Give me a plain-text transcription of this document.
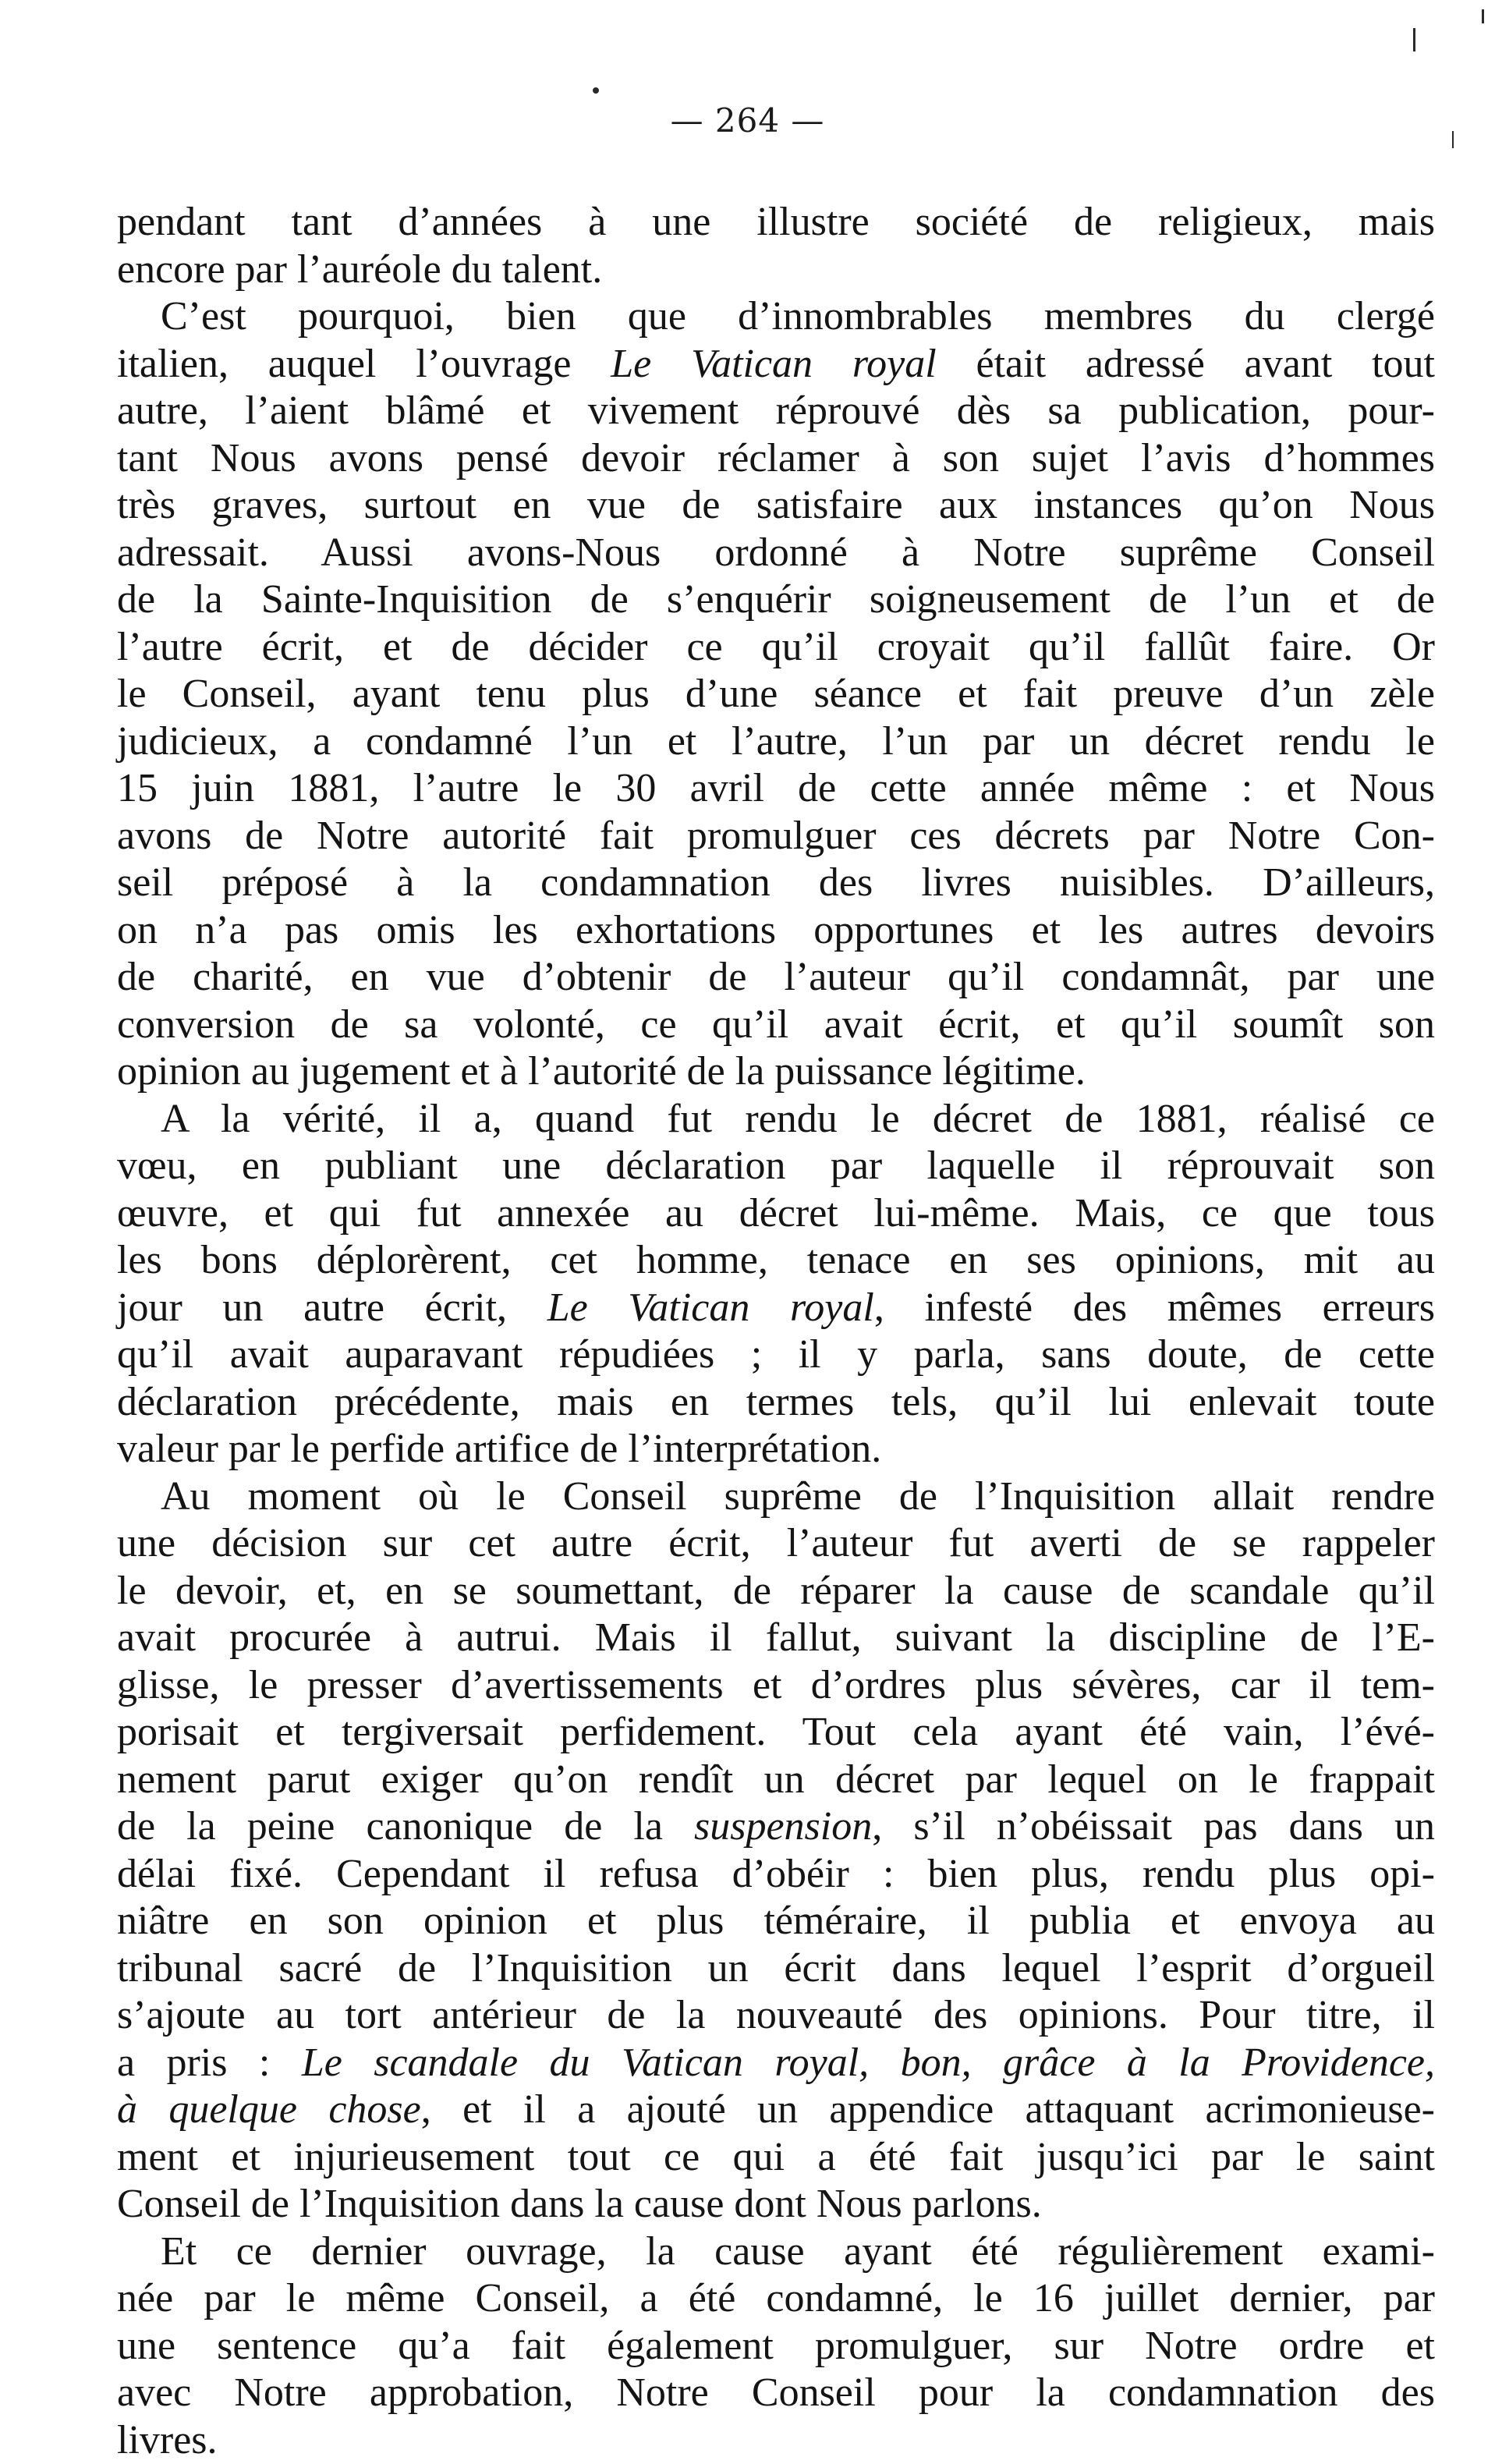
— 264 —
pendant tant d’années à une illustre société de religieux, mais
encore par l’auréole du talent.
C’est pourquoi, bien que d’innombrables membres du clergé
italien, auquel l’ouvrage Le Vatican royal était adressé avant tout
autre, l’aient blâmé et vivement réprouvé dès sa publication, pour-
tant Nous avons pensé devoir réclamer à son sujet l’avis d’hommes
très graves, surtout en vue de satisfaire aux instances qu’on Nous
adressait. Aussi avons-Nous ordonné à Notre suprême Conseil
de la Sainte-Inquisition de s’enquérir soigneusement de l’un et de
l’autre écrit, et de décider ce qu’il croyait qu’il fallût faire. Or
le Conseil, ayant tenu plus d’une séance et fait preuve d’un zèle
judicieux, a condamné l’un et l’autre, l’un par un décret rendu le
15 juin 1881, l’autre le 30 avril de cette année même : et Nous
avons de Notre autorité fait promulguer ces décrets par Notre Con-
seil préposé à la condamnation des livres nuisibles. D’ailleurs,
on n’a pas omis les exhortations opportunes et les autres devoirs
de charité, en vue d’obtenir de l’auteur qu’il condamnât, par une
conversion de sa volonté, ce qu’il avait écrit, et qu’il soumît son
opinion au jugement et à l’autorité de la puissance légitime.
A la vérité, il a, quand fut rendu le décret de 1881, réalisé ce
vœu, en publiant une déclaration par laquelle il réprouvait son
œuvre, et qui fut annexée au décret lui-même. Mais, ce que tous
les bons déplorèrent, cet homme, tenace en ses opinions, mit au
jour un autre écrit, Le Vatican royal, infesté des mêmes erreurs
qu’il avait auparavant répudiées ; il y parla, sans doute, de cette
déclaration précédente, mais en termes tels, qu’il lui enlevait toute
valeur par le perfide artifice de l’interprétation.
Au moment où le Conseil suprême de l’Inquisition allait rendre
une décision sur cet autre écrit, l’auteur fut averti de se rappeler
le devoir, et, en se soumettant, de réparer la cause de scandale qu’il
avait procurée à autrui. Mais il fallut, suivant la discipline de l’E-
glisse, le presser d’avertissements et d’ordres plus sévères, car il tem-
porisait et tergiversait perfidement. Tout cela ayant été vain, l’évé-
nement parut exiger qu’on rendît un décret par lequel on le frappait
de la peine canonique de la suspension, s’il n’obéissait pas dans un
délai fixé. Cependant il refusa d’obéir : bien plus, rendu plus opi-
niâtre en son opinion et plus téméraire, il publia et envoya au
tribunal sacré de l’Inquisition un écrit dans lequel l’esprit d’orgueil
s’ajoute au tort antérieur de la nouveauté des opinions. Pour titre, il
a pris : Le scandale du Vatican royal, bon, grâce à la Providence,
à quelque chose, et il a ajouté un appendice attaquant acrimonieuse-
ment et injurieusement tout ce qui a été fait jusqu’ici par le saint
Conseil de l’Inquisition dans la cause dont Nous parlons.
Et ce dernier ouvrage, la cause ayant été régulièrement exami-
née par le même Conseil, a été condamné, le 16 juillet dernier, par
une sentence qu’a fait également promulguer, sur Notre ordre et
avec Notre approbation, Notre Conseil pour la condamnation des
livres.
